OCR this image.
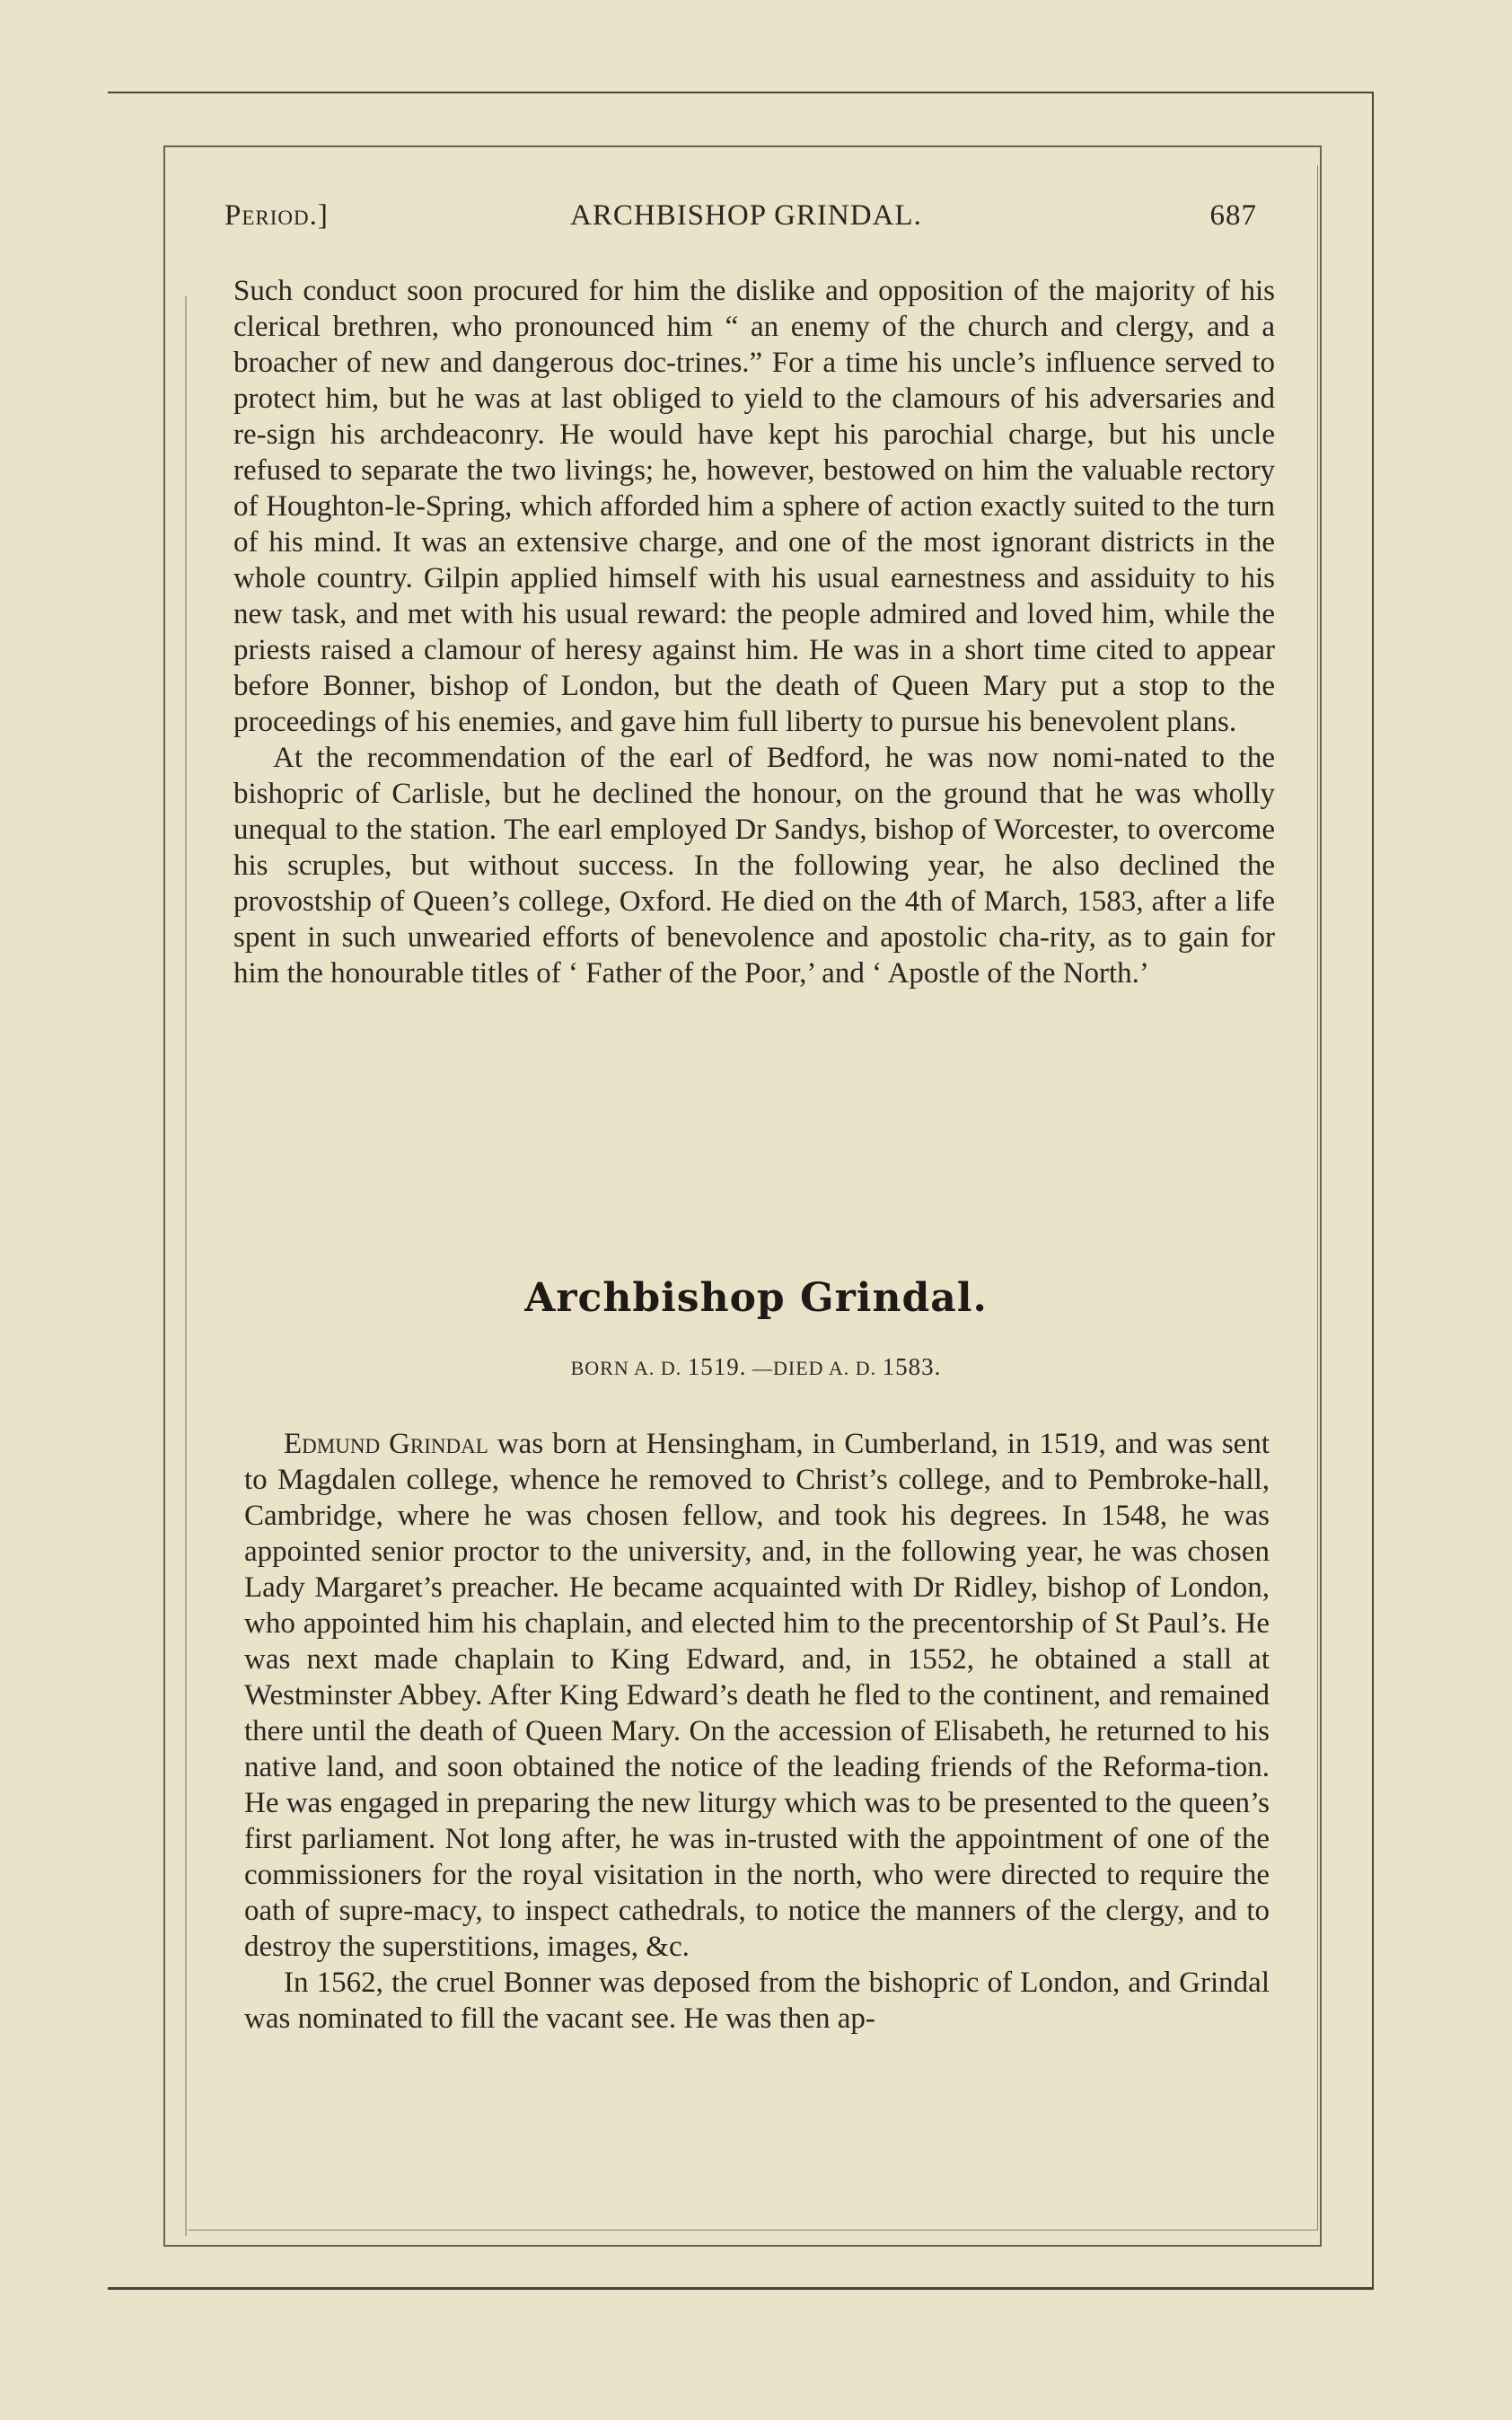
Period.]	ARCHBISHOP GRINDAL.	687

Such conduct soon procured for him the dislike and opposition of the majority of his clerical brethren, who pronounced him “ an enemy of the church and clergy, and a broacher of new and dangerous doc-trines.” For a time his uncle’s influence served to protect him, but he was at last obliged to yield to the clamours of his adversaries and re-sign his archdeaconry. He would have kept his parochial charge, but his uncle refused to separate the two livings; he, however, bestowed on him the valuable rectory of Houghton-le-Spring, which afforded him a sphere of action exactly suited to the turn of his mind. It was an extensive charge, and one of the most ignorant districts in the whole country. Gilpin applied himself with his usual earnestness and assiduity to his new task, and met with his usual reward: the people admired and loved him, while the priests raised a clamour of heresy against him. He was in a short time cited to appear before Bonner, bishop of London, but the death of Queen Mary put a stop to the proceedings of his enemies, and gave him full liberty to pursue his benevolent plans.

At the recommendation of the earl of Bedford, he was now nomi-nated to the bishopric of Carlisle, but he declined the honour, on the ground that he was wholly unequal to the station. The earl employed Dr Sandys, bishop of Worcester, to overcome his scruples, but without success. In the following year, he also declined the provostship of Queen’s college, Oxford. He died on the 4th of March, 1583, after a life spent in such unwearied efforts of benevolence and apostolic cha-rity, as to gain for him the honourable titles of ‘ Father of the Poor,’ and ‘ Apostle of the North.’

Archbishop Grindal.
BORN A. D. 1519. —DIED A. D. 1583.

Edmund Grindal was born at Hensingham, in Cumberland, in 1519, and was sent to Magdalen college, whence he removed to Christ’s college, and to Pembroke-hall, Cambridge, where he was chosen fellow, and took his degrees. In 1548, he was appointed senior proctor to the university, and, in the following year, he was chosen Lady Margaret’s preacher. He became acquainted with Dr Ridley, bishop of London, who appointed him his chaplain, and elected him to the precentorship of St Paul’s. He was next made chaplain to King Edward, and, in 1552, he obtained a stall at Westminster Abbey. After King Edward’s death he fled to the continent, and remained there until the death of Queen Mary. On the accession of Elisabeth, he returned to his native land, and soon obtained the notice of the leading friends of the Reforma-tion. He was engaged in preparing the new liturgy which was to be presented to the queen’s first parliament. Not long after, he was in-trusted with the appointment of one of the commissioners for the royal visitation in the north, who were directed to require the oath of supre-macy, to inspect cathedrals, to notice the manners of the clergy, and to destroy the superstitions, images, &c.

In 1562, the cruel Bonner was deposed from the bishopric of London, and Grindal was nominated to fill the vacant see. He was then ap-
